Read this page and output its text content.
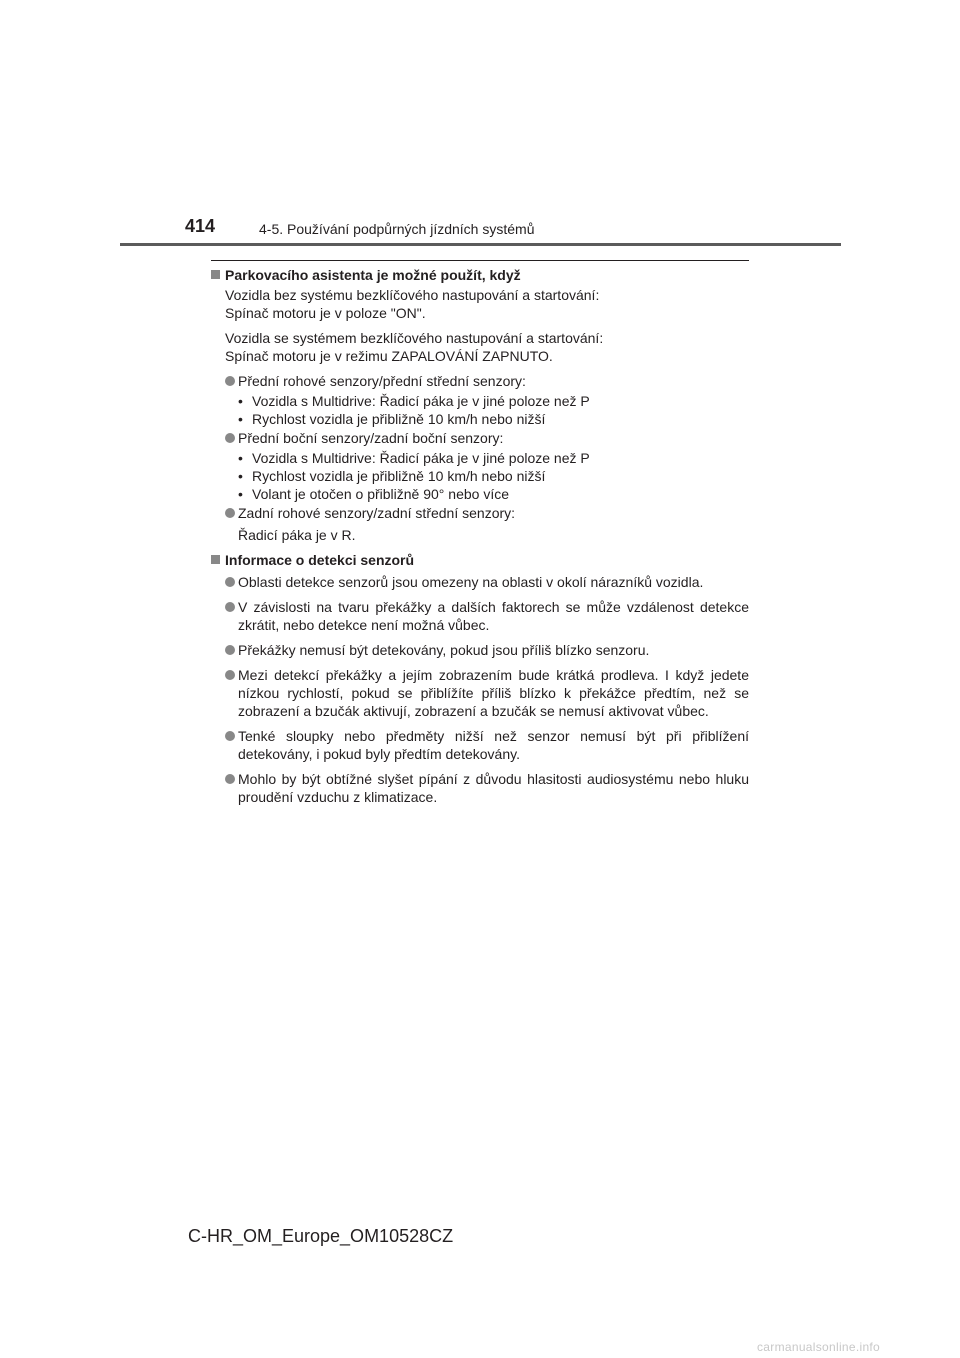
414	4-5. Používání podpůrných jízdních systémů
Parkovacího asistenta je možné použít, když
Vozidla bez systému bezklíčového nastupování a startování:
Spínač motoru je v poloze "ON".
Vozidla se systémem bezklíčového nastupování a startování:
Spínač motoru je v režimu ZAPALOVÁNÍ ZAPNUTO.
Přední rohové senzory/přední střední senzory:
• Vozidla s Multidrive: Řadicí páka je v jiné poloze než P
• Rychlost vozidla je přibližně 10 km/h nebo nižší
Přední boční senzory/zadní boční senzory:
• Vozidla s Multidrive: Řadicí páka je v jiné poloze než P
• Rychlost vozidla je přibližně 10 km/h nebo nižší
• Volant je otočen o přibližně 90° nebo více
Zadní rohové senzory/zadní střední senzory:
Řadicí páka je v R.
Informace o detekci senzorů
Oblasti detekce senzorů jsou omezeny na oblasti v okolí nárazníků vozidla.
V závislosti na tvaru překážky a dalších faktorech se může vzdálenost detekce zkrátit, nebo detekce není možná vůbec.
Překážky nemusí být detekovány, pokud jsou příliš blízko senzoru.
Mezi detekcí překážky a jejím zobrazením bude krátká prodleva. I když jedete nízkou rychlostí, pokud se přiblížíte příliš blízko k překážce předtím, než se zobrazení a bzučák aktivují, zobrazení a bzučák se nemusí aktivovat vůbec.
Tenké sloupky nebo předměty nižší než senzor nemusí být při přiblížení detekovány, i pokud byly předtím detekovány.
Mohlo by být obtížné slyšet pípání z důvodu hlasitosti audiosystému nebo hluku proudění vzduchu z klimatizace.
C-HR_OM_Europe_OM10528CZ
carmanualsonline.info
